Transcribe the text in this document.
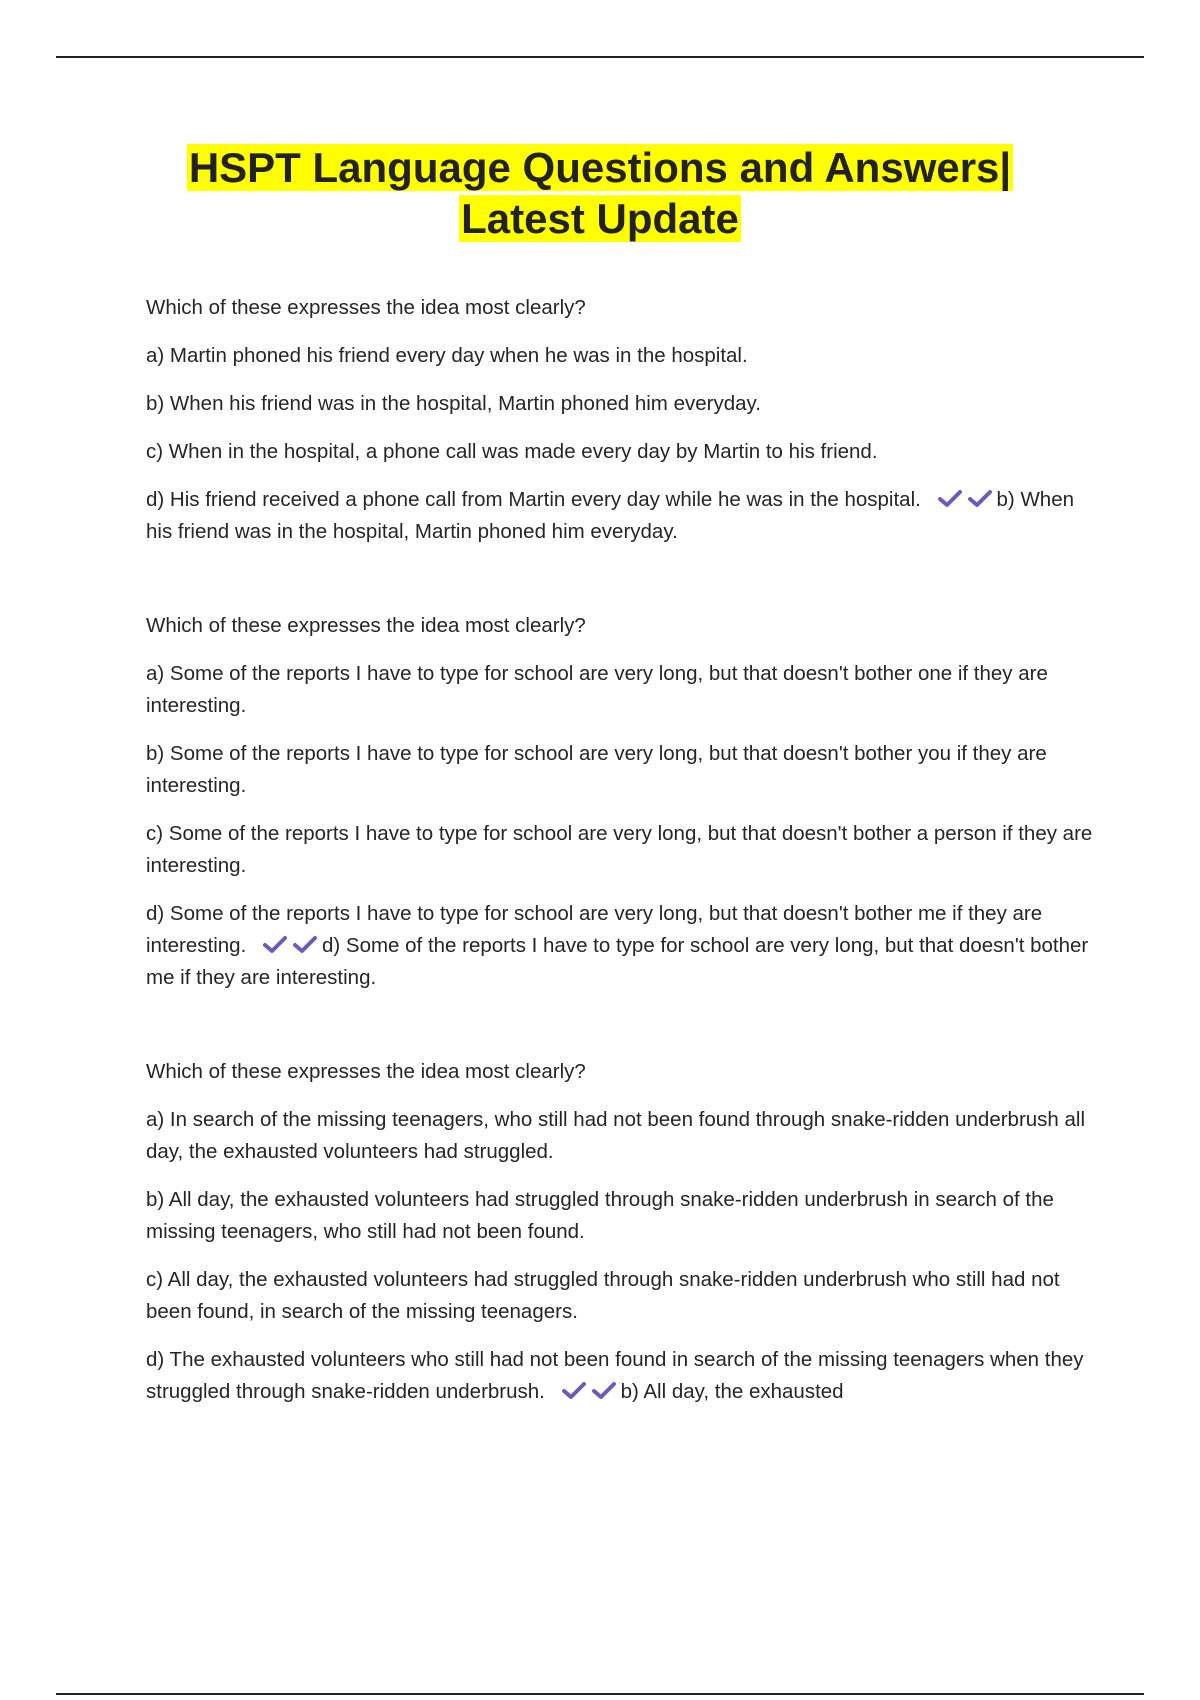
HSPT Language Questions and Answers|
Latest Update

Which of these expresses the idea most clearly?

a) Martin phoned his friend every day when he was in the hospital.

b) When his friend was in the hospital, Martin phoned him everyday.

c) When in the hospital, a phone call was made every day by Martin to his friend.

d) His friend received a phone call from Martin every day while he was in the hospital.	b) When his friend was in the hospital, Martin phoned him everyday.

Which of these expresses the idea most clearly?

a) Some of the reports I have to type for school are very long, but that doesn't bother one if they are interesting.

b) Some of the reports I have to type for school are very long, but that doesn't bother you if they are interesting.

c) Some of the reports I have to type for school are very long, but that doesn't bother a person if they are interesting.

d) Some of the reports I have to type for school are very long, but that doesn't bother me if they are interesting.	d) Some of the reports I have to type for school are very long, but that doesn't bother me if they are interesting.

Which of these expresses the idea most clearly?

a) In search of the missing teenagers, who still had not been found through snake-ridden underbrush all day, the exhausted volunteers had struggled.

b) All day, the exhausted volunteers had struggled through snake-ridden underbrush in search of the missing teenagers, who still had not been found.

c) All day, the exhausted volunteers had struggled through snake-ridden underbrush who still had not been found, in search of the missing teenagers.

d) The exhausted volunteers who still had not been found in search of the missing teenagers when they struggled through snake-ridden underbrush.	b) All day, the exhausted
